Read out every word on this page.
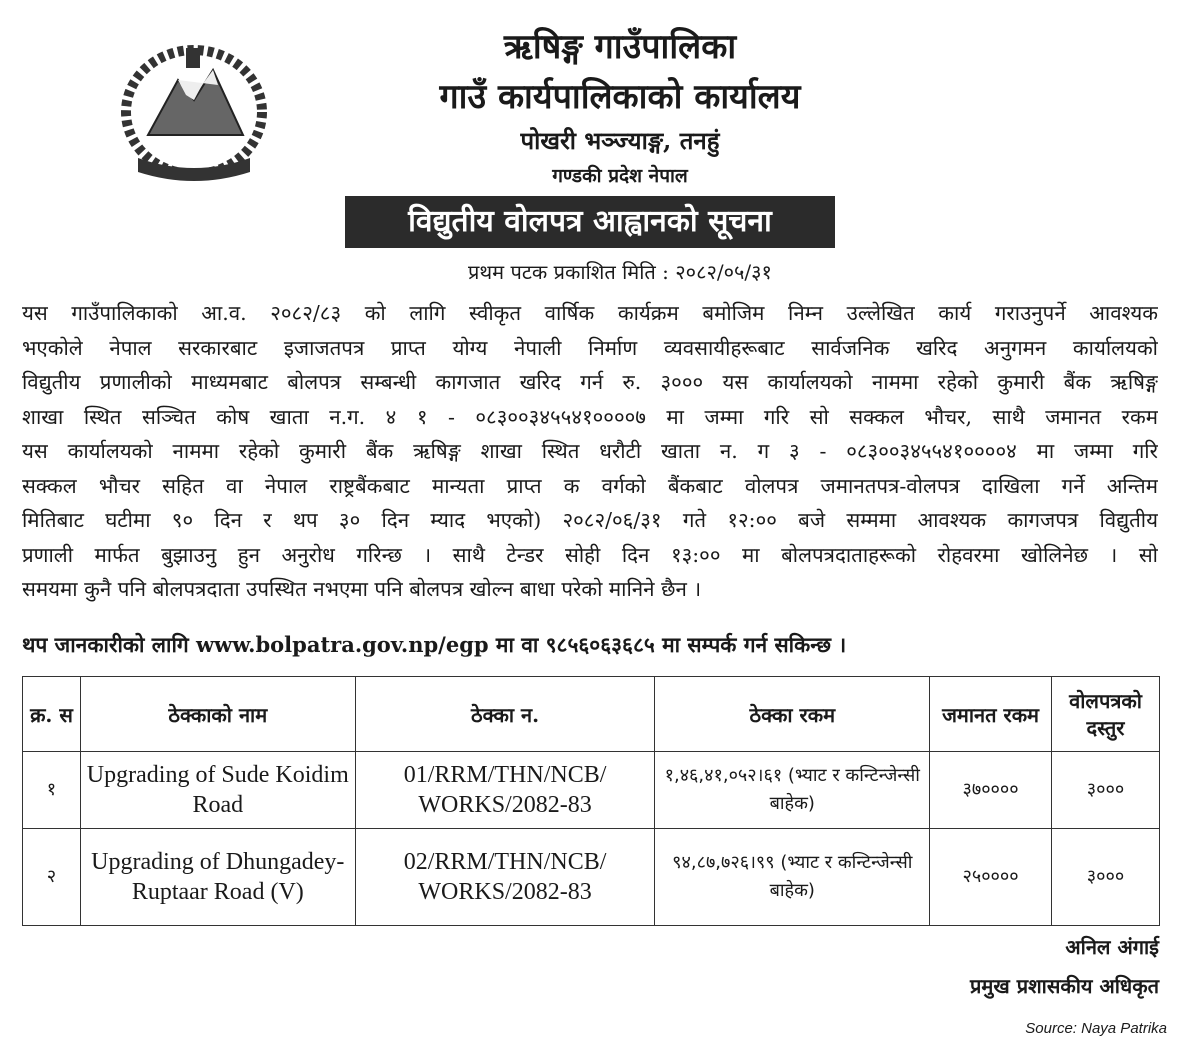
ऋषिङ्ग गाउँपालिका
गाउँ कार्यपालिकाको कार्यालय
पोखरी भञ्ज्याङ्ग, तनहुं
गण्डकी प्रदेश नेपाल
विद्युतीय वोलपत्र आह्वानको सूचना
प्रथम पटक प्रकाशित मिति : २०८२/०५/३१
यस गाउँपालिकाको आ.व. २०८२/८३ को लागि स्वीकृत वार्षिक कार्यक्रम बमोजिम निम्न उल्लेखित कार्य गराउनुपर्ने आवश्यक
भएकोले नेपाल सरकारबाट इजाजतपत्र प्राप्त योग्य नेपाली निर्माण व्यवसायीहरूबाट सार्वजनिक खरिद अनुगमन कार्यालयको
विद्युतीय प्रणालीको माध्यमबाट बोलपत्र सम्बन्धी कागजात खरिद गर्न रु. ३००० यस कार्यालयको नाममा रहेको कुमारी बैंक ऋषिङ्ग
शाखा स्थित सञ्चित कोष खाता न.ग. ४ १ - ०८३००३४५५४१००००७ मा जम्मा गरि सो सक्कल भौचर, साथै जमानत रकम
यस कार्यालयको नाममा रहेको कुमारी बैंक ऋषिङ्ग शाखा स्थित धरौटी खाता न. ग ३ - ०८३००३४५५४१००००४ मा जम्मा गरि
सक्कल भौचर सहित वा नेपाल राष्ट्रबैंकबाट मान्यता प्राप्त क वर्गको बैंकबाट वोलपत्र जमानतपत्र-वोलपत्र दाखिला गर्ने अन्तिम
मितिबाट घटीमा ९० दिन र थप ३० दिन म्याद भएको) २०८२/०६/३१ गते १२:०० बजे सम्ममा आवश्यक कागजपत्र विद्युतीय
प्रणाली मार्फत बुझाउनु हुन अनुरोध गरिन्छ । साथै टेन्डर सोही दिन १३:०० मा बोलपत्रदाताहरूको रोहवरमा खोलिनेछ । सो
समयमा कुनै पनि बोलपत्रदाता उपस्थित नभएमा पनि बोलपत्र खोल्न बाधा परेको मानिने छैन ।
थप जानकारीको लागि www.bolpatra.gov.np/egp मा वा ९८५६०६३६८५ मा सम्पर्क गर्न सकिन्छ ।
क्र. स	ठेक्काको नाम	ठेक्का न.	ठेक्का रकम	जमानत रकम	वोलपत्रको दस्तुर
१	Upgrading of Sude Koidim Road	01/RRM/THN/NCB/ WORKS/2082-83	१,४६,४१,०५२।६१ (भ्याट र कन्टिन्जेन्सी बाहेक)	३७००००	३०००
२	Upgrading of Dhungadey-Ruptaar Road (V)	02/RRM/THN/NCB/ WORKS/2082-83	९४,८७,७२६।९९ (भ्याट र कन्टिन्जेन्सी बाहेक)	२५००००	३०००
अनिल अंगाई
प्रमुख प्रशासकीय अधिकृत
Source: Naya Patrika
